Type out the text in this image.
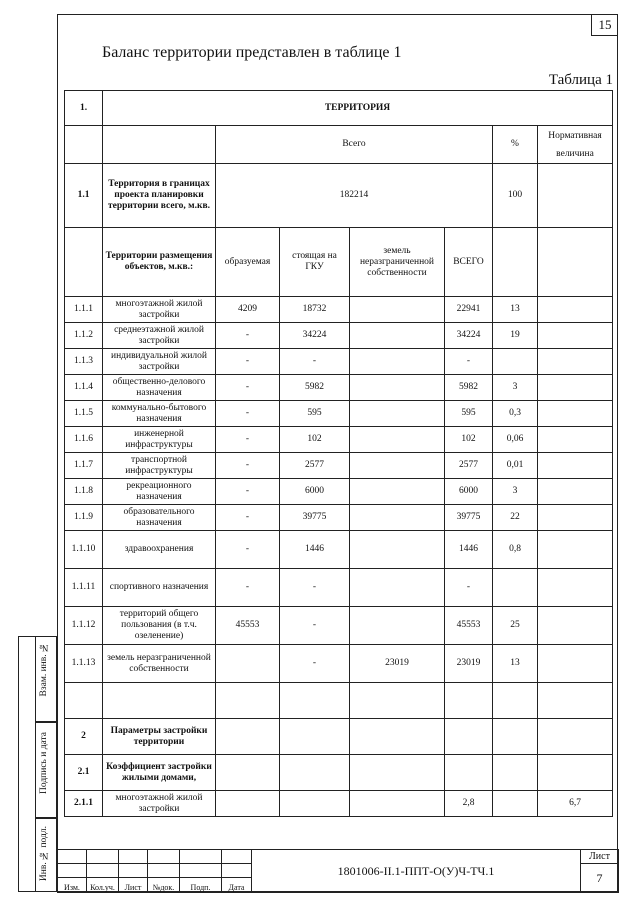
15
Баланс территории представлен в таблице 1
Таблица 1
1.	ТЕРРИТОРИЯ						
		Всего				%	Нормативная величина
1.1	Территория в границах проекта планировки территории всего, м.кв.	182214				100	
	Территории размещения объектов, м.кв.:	образуемая	стоящая на ГКУ	земель неразграниченной собственности	ВСЕГО		
1.1.1	многоэтажной жилой застройки	4209	18732		22941	13	
1.1.2	среднеэтажной жилой застройки	-	34224		34224	19	
1.1.3	индивидуальной жилой застройки	-	-		-		
1.1.4	общественно-делового назначения	-	5982		5982	3	
1.1.5	коммунально-бытового назначения	-	595		595	0,3	
1.1.6	инженерной инфраструктуры	-	102		102	0,06	
1.1.7	транспортной инфраструктуры	-	2577		2577	0,01	
1.1.8	рекреационного назначения	-	6000		6000	3	
1.1.9	образовательного назначения	-	39775		39775	22	
1.1.10	здравоохранения	-	1446		1446	0,8	
1.1.11	спортивного назначения	-	-		-		
1.1.12	территорий общего пользования (в т.ч. озеленение)	45553	-		45553	25	
1.1.13	земель неразграниченной собственности		-	23019	23019	13	

2	Параметры застройки территории						
2.1	Коэффициент застройки жилыми домами,						
2.1.1	многоэтажной жилой застройки				2,8		6,7
Взам. инв. №
Подпись и дата
Инв. № подл.
							1801006-II.1-ППТ-О(У)Ч-ТЧ.1	Лист
							7
Изм.	Кол.уч.	Лист	№док.	Подп.	Дата		
